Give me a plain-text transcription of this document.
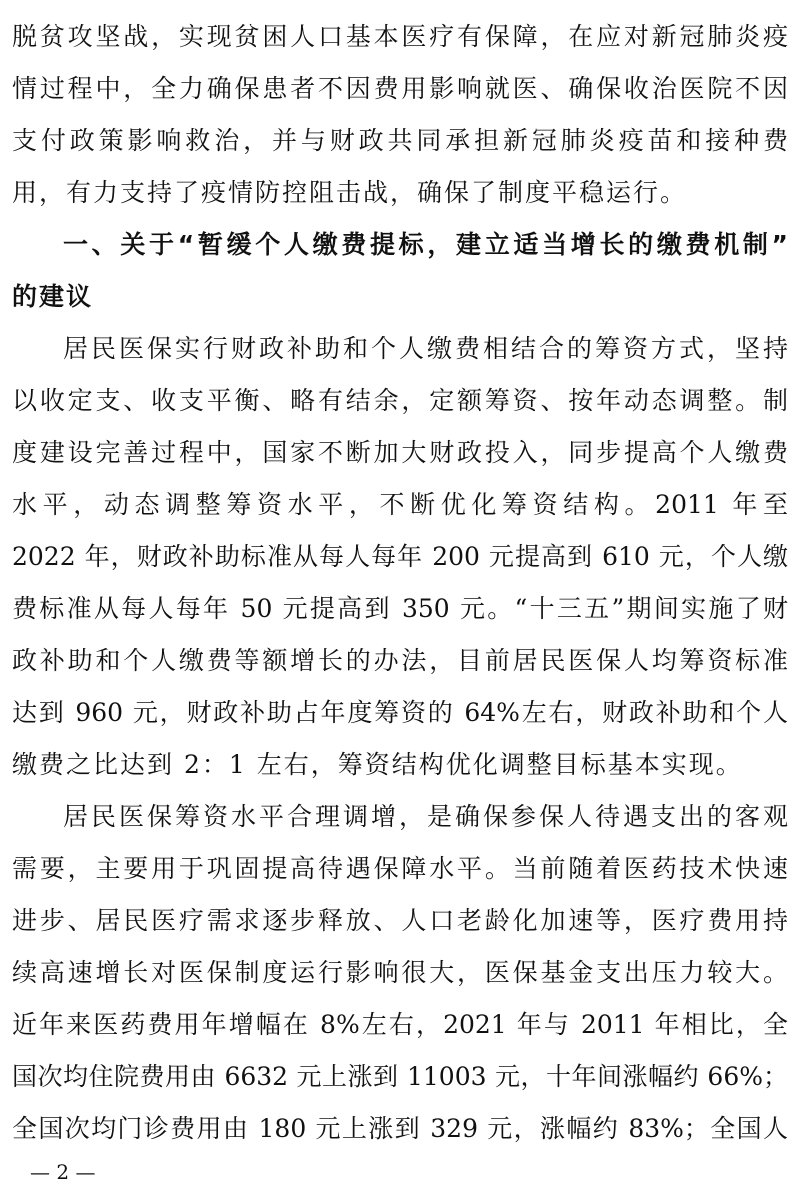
脱贫攻坚战，实现贫困人口基本医疗有保障，在应对新冠肺炎疫
情过程中，全力确保患者不因费用影响就医、确保收治医院不因
支付政策影响救治，并与财政共同承担新冠肺炎疫苗和接种费
用，有力支持了疫情防控阻击战，确保了制度平稳运行。
一、关于“暂缓个人缴费提标，建立适当增长的缴费机制”
的建议
居民医保实行财政补助和个人缴费相结合的筹资方式，坚持
以收定支、收支平衡、略有结余，定额筹资、按年动态调整。制
度建设完善过程中，国家不断加大财政投入，同步提高个人缴费
水平，动态调整筹资水平，不断优化筹资结构。2011 年至
2022 年，财政补助标准从每人每年 200 元提高到 610 元，个人缴
费标准从每人每年 50 元提高到 350 元。“十三五”期间实施了财
政补助和个人缴费等额增长的办法，目前居民医保人均筹资标准
达到 960 元，财政补助占年度筹资的 64%左右，财政补助和个人
缴费之比达到 2：1 左右，筹资结构优化调整目标基本实现。
居民医保筹资水平合理调增，是确保参保人待遇支出的客观
需要，主要用于巩固提高待遇保障水平。当前随着医药技术快速
进步、居民医疗需求逐步释放、人口老龄化加速等，医疗费用持
续高速增长对医保制度运行影响很大，医保基金支出压力较大。
近年来医药费用年增幅在 8%左右，2021 年与 2011 年相比，全
国次均住院费用由 6632 元上涨到 11003 元，十年间涨幅约 66%；
全国次均门诊费用由 180 元上涨到 329 元，涨幅约 83%；全国人
— 2 —
